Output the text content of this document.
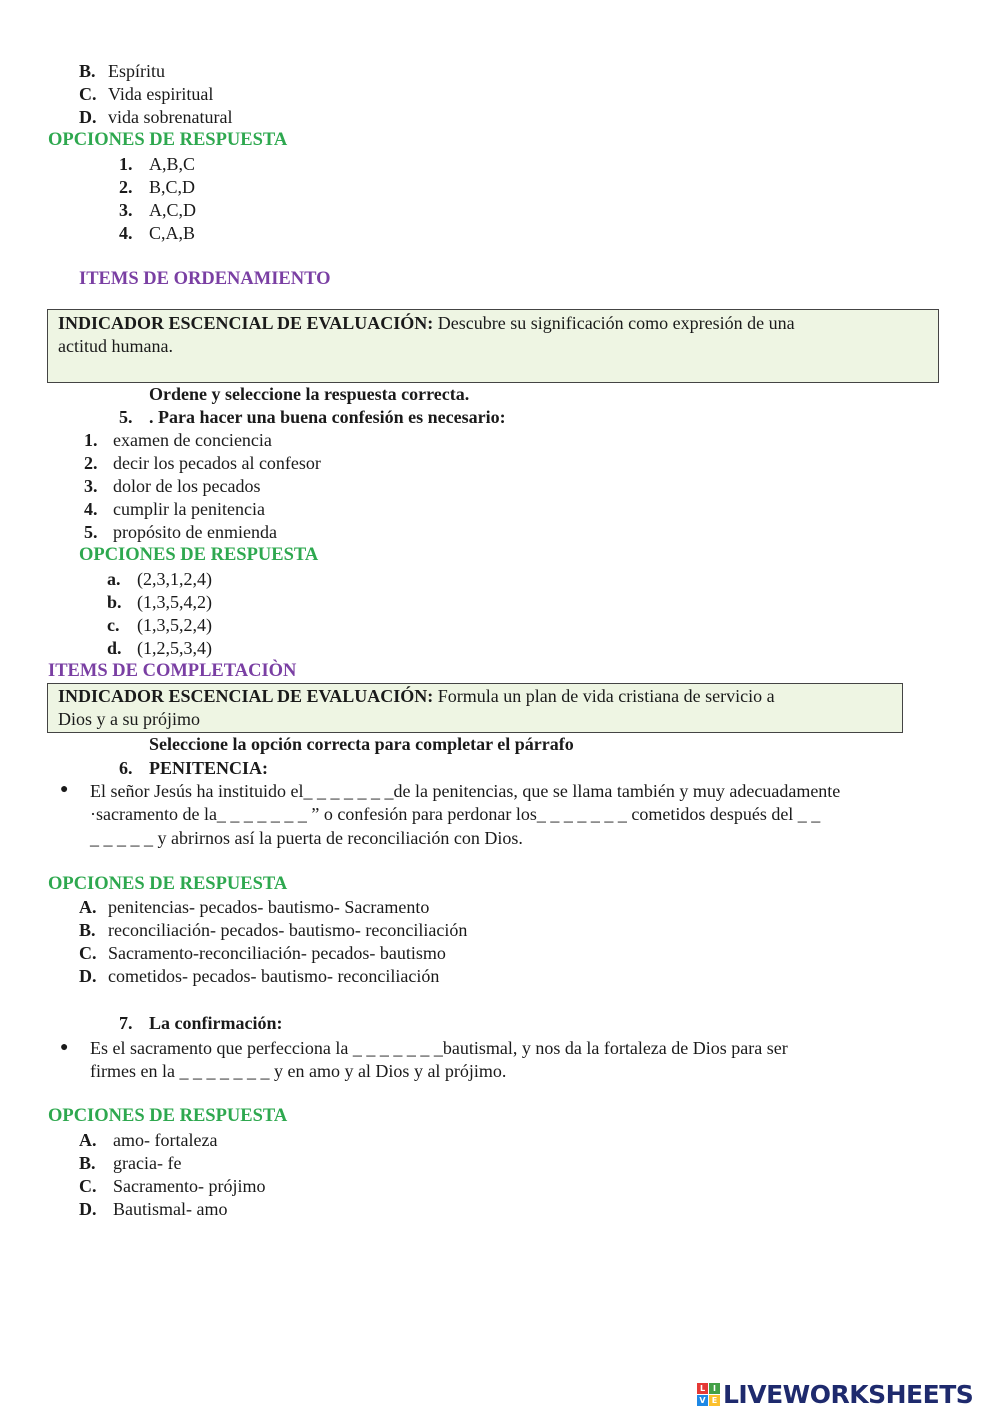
B. Espíritu
C. Vida espiritual
D. vida sobrenatural
OPCIONES DE RESPUESTA
1. A,B,C
2. B,C,D
3. A,C,D
4. C,A,B
ITEMS DE ORDENAMIENTO
INDICADOR ESCENCIAL DE EVALUACIÓN: Descubre su significación como expresión de una
actitud humana.
Ordene y seleccione la respuesta correcta.
5. . Para hacer una buena confesión es necesario:
1. examen de conciencia
2. decir los pecados al confesor
3. dolor de los pecados
4. cumplir la penitencia
5. propósito de enmienda
OPCIONES DE RESPUESTA
a. (2,3,1,2,4)
b. (1,3,5,4,2)
c. (1,3,5,2,4)
d. (1,2,5,3,4)
ITEMS DE COMPLETACIÒN
INDICADOR ESCENCIAL DE EVALUACIÓN: Formula un plan de vida cristiana de servicio a
Dios y a su prójimo
Seleccione la opción correcta para completar el párrafo
6. PENITENCIA:
● El señor Jesús ha instituido el_ _ _ _ _ _ _de la penitencias, que se llama también y muy adecuadamente
·sacramento de la_ _ _ _ _ _ _ ” o confesión para perdonar los_ _ _ _ _ _ _ cometidos después del _ _
_ _ _ _ _ y abrirnos así la puerta de reconciliación con Dios.
OPCIONES DE RESPUESTA
A. penitencias- pecados- bautismo- Sacramento
B. reconciliación- pecados- bautismo- reconciliación
C. Sacramento-reconciliación- pecados- bautismo
D. cometidos- pecados- bautismo- reconciliación
7. La confirmación:
● Es el sacramento que perfecciona la _ _ _ _ _ _ _bautismal, y nos da la fortaleza de Dios para ser
firmes en la _ _ _ _ _ _ _ y en amo y al Dios y al prójimo.
OPCIONES DE RESPUESTA
A. amo- fortaleza
B. gracia- fe
C. Sacramento- prójimo
D. Bautismal- amo
L I
V E LIVEWORKSHEETS
